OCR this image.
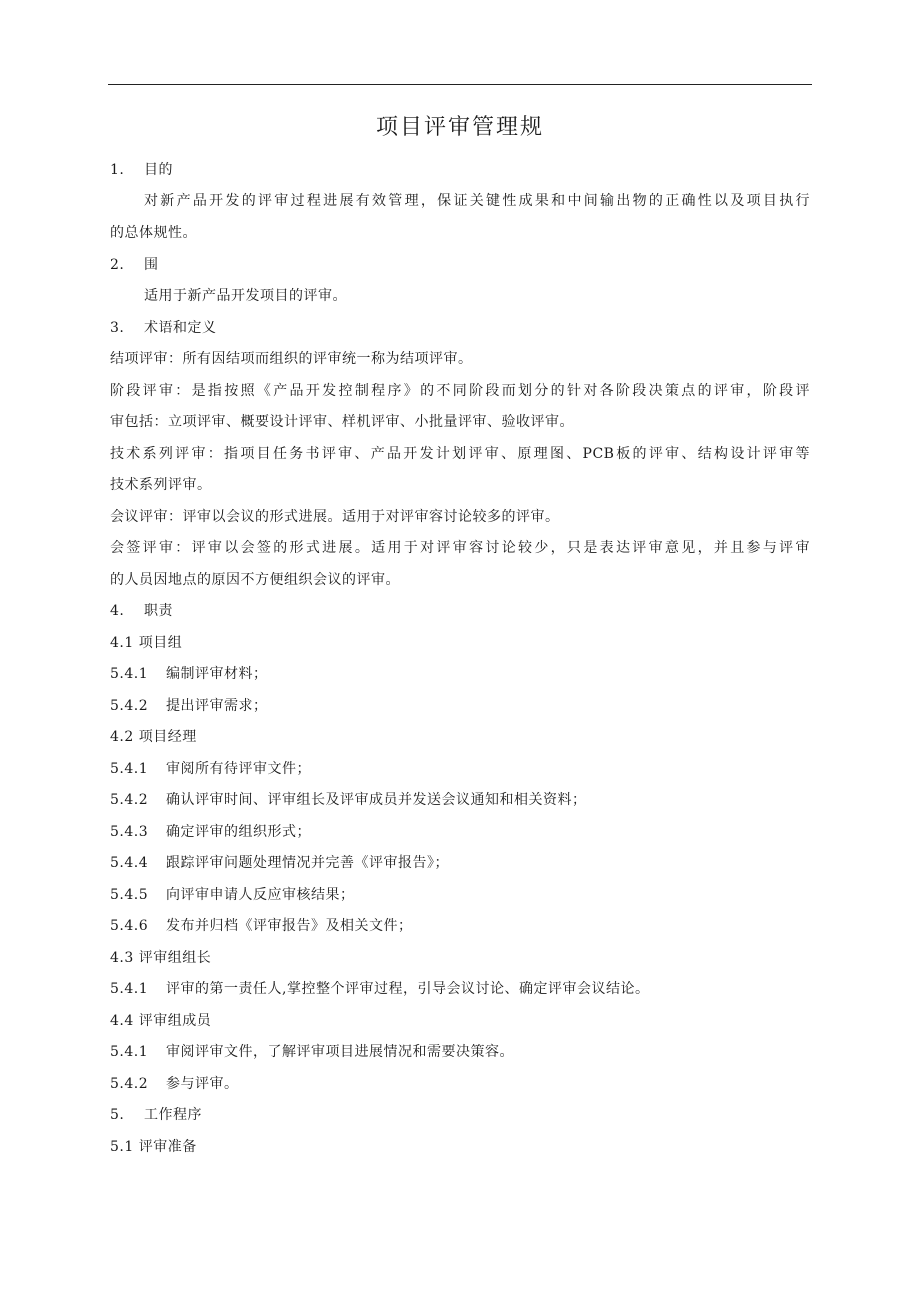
项目评审管理规
1. 目的
对新产品开发的评审过程进展有效管理，保证关键性成果和中间输出物的正确性以及项目执行
的总体规性。
2. 围
适用于新产品开发项目的评审。
3. 术语和定义
结项评审：所有因结项而组织的评审统一称为结项评审。
阶段评审：是指按照《产品开发控制程序》的不同阶段而划分的针对各阶段决策点的评审，阶段评
审包括：立项评审、概要设计评审、样机评审、小批量评审、验收评审。
技术系列评审：指项目任务书评审、产品开发计划评审、原理图、PCB板的评审、结构设计评审等
技术系列评审。
会议评审：评审以会议的形式进展。适用于对评审容讨论较多的评审。
会签评审：评审以会签的形式进展。适用于对评审容讨论较少，只是表达评审意见，并且参与评审
的人员因地点的原因不方便组织会议的评审。
4. 职责
4.1 项目组
5.4.1 编制评审材料；
5.4.2 提出评审需求；
4.2 项目经理
5.4.1 审阅所有待评审文件；
5.4.2 确认评审时间、评审组长及评审成员并发送会议通知和相关资料；
5.4.3 确定评审的组织形式；
5.4.4 跟踪评审问题处理情况并完善《评审报告》；
5.4.5 向评审申请人反应审核结果；
5.4.6 发布并归档《评审报告》及相关文件；
4.3 评审组组长
5.4.1 评审的第一责任人,掌控整个评审过程，引导会议讨论、确定评审会议结论。
4.4 评审组成员
5.4.1 审阅评审文件，了解评审项目进展情况和需要决策容。
5.4.2 参与评审。
5. 工作程序
5.1 评审准备
